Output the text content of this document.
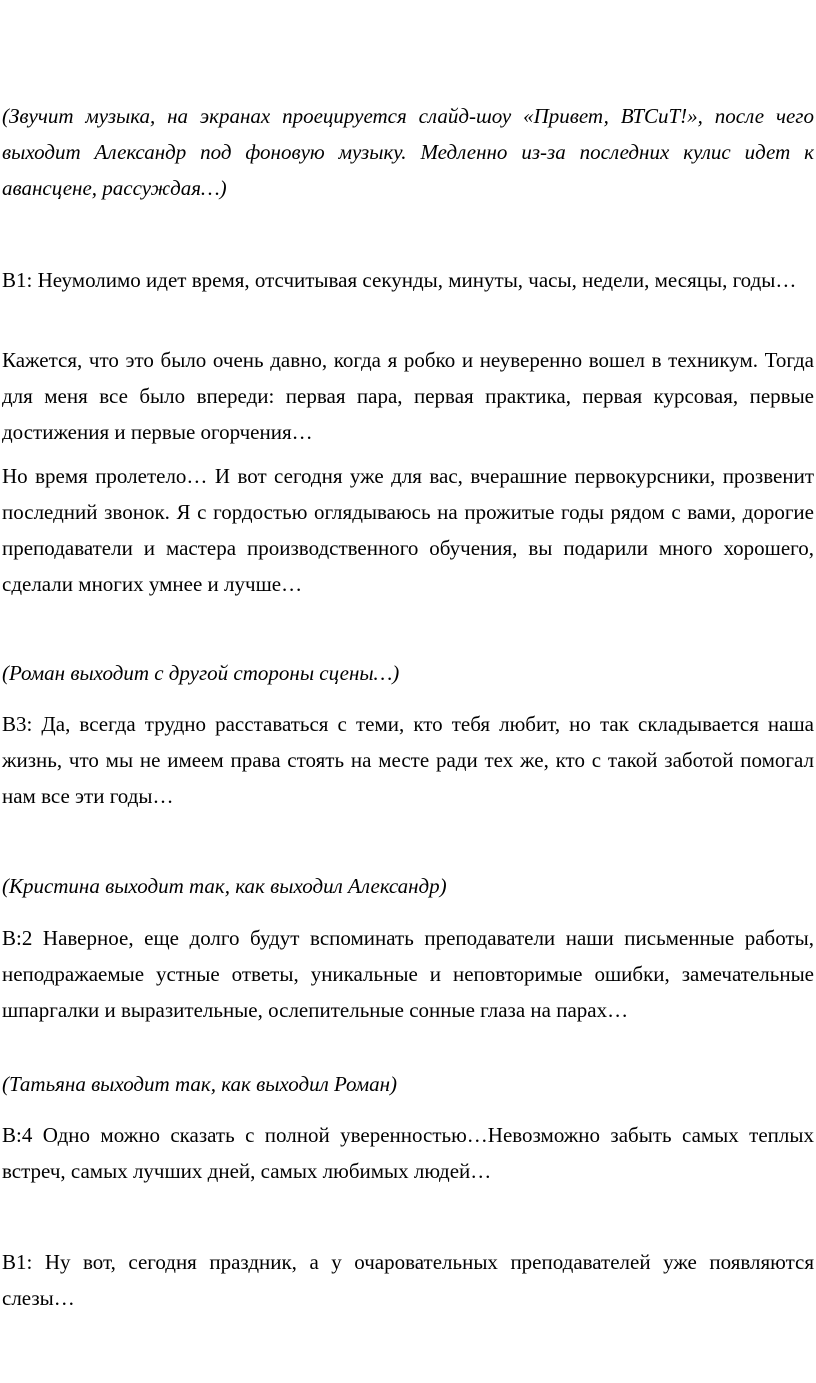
(Звучит музыка, на экранах проецируется слайд-шоу «Привет, ВТСиТ!», после чего выходит Александр под фоновую музыку. Медленно из-за последних кулис идет к авансцене, рассуждая…)

В1: Неумолимо идет время, отсчитывая секунды, минуты, часы, недели, месяцы, годы…

Кажется, что это было очень давно, когда я робко и неуверенно вошел в техникум. Тогда для меня все было впереди: первая пара, первая практика, первая курсовая, первые достижения и первые огорчения…

Но время пролетело… И вот сегодня уже для вас, вчерашние первокурсники, прозвенит последний звонок. Я с гордостью оглядываюсь на прожитые годы рядом с вами, дорогие преподаватели и мастера производственного обучения, вы подарили много хорошего, сделали многих умнее и лучше…

(Роман выходит с другой стороны сцены…)

В3: Да, всегда трудно расставаться с теми, кто тебя любит, но так складывается наша жизнь, что мы не имеем права стоять на месте ради тех же, кто с такой заботой помогал нам все эти годы…

(Кристина выходит так, как выходил Александр)

В:2 Наверное, еще долго будут вспоминать преподаватели наши письменные работы, неподражаемые устные ответы, уникальные и неповторимые ошибки, замечательные шпаргалки и выразительные, ослепительные сонные глаза на парах…

(Татьяна выходит так, как выходил Роман)

В:4 Одно можно сказать с полной уверенностью…Невозможно забыть самых теплых встреч, самых лучших дней, самых любимых людей…

В1: Ну вот, сегодня праздник, а у очаровательных преподавателей уже появляются слезы…
